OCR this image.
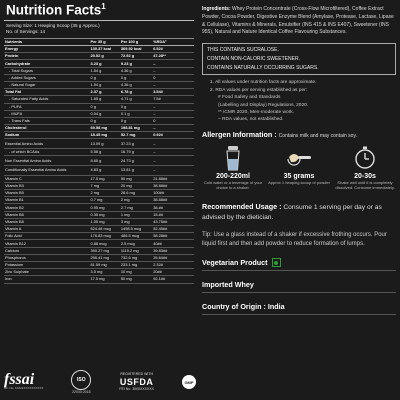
Nutrition Facts$^1$
Serving Size: 1 Heaping Scoop (35 g Approx.)
No. of Servings: 14
Nutrients	Per 35 g	Per 100 g	%RDA²
Energy	130.37 kcal	369.92 kcal	6.52#
Protein	25.52 g	72.92 g	47.28**
Carbohydrate	3.23 g	9.23 g	–
- Total Sugars	1.54 g	4.36 g	–
- Added Sugars	0 g	0 g	0
- Natural Sugar	1.54 g	4.36 g	–
Total Fat	2.37 g	6.78 g	3.54#
- Saturated Fatty Acids	1.65 g	4.71 g	7.5#
- PUFA	0 g	0 g	–
- MUFA	0.04 g	0.1 g	–
- Trans Fats	0 g	0 g	0
Cholesterol	69.58 mg	198.81 mg	–
Sodium	18.45 mg	52.7 mg	0.92#
Essential Amino Acids	13.09 g	37.23 g	–
- of which BCAAs	5.58 g	16.79 g	–
Non Essential Amino Acids	8.65 g	24.73 g	–
Conditionally Essential Amino Acids	4.83 g	13.81 g	–
Vitamin C	17.5 mg	50 mg	21.88##
Vitamin B3	7 mg	20 mg	38.88##
Vitamin B5	2 mg	28.6 mg	100##
Vitamin B1	0.7 mg	2 mg	38.88##
Vitamin B2	0.95 mg	2.7 mg	38.##
Vitamin B6	0.35 mg	1 mg	15.##
Vitamin B8	1.05 mg	3 mg	43.75##
Vitamin A	524.48 mcg	1498.5 mcg	52.45##
Folic Acid	176.83 mcg	486.5 mcg	58.28##
Vitamin B12	0.88 mcg	2.5 mcg	40##
Calcium	390.27 mg	1115.2 mg	39.83##
Phosphorus	256.41 mg	732.6 mg	25.64##
Potassium	81.59 mg	233.1 mg	2.32#
Zinc Sulphate	3.5 mg	10 mg	20##
Iron	17.5 mg	50 mg	92.1##
fssai
Lic. No. 10022XXXXXXXXXX
ISO
22000:2018
REGISTERED WITH
USFDA
FEI No. 3000XXXXXX
GMP
Ingredients: Whey Protein Concentrate (Cross-Flow Microfiltered), Coffee Extract Powder, Cocoa Powder, Digestive Enzyme Blend (Amylase, Protease, Lactase, Lipase & Cellulase), Vitamins & Minerals, Emulsifier (INS 415 & INS E407), Sweetener (INS 955), Natural and Nature Identical Coffee Flavouring Substances.
THIS CONTAINS SUCRALOSE.
CONTAIN NON-CALORIC SWEETENER.
CONTAINS NATURALLY OCCURRING SUGARS.
1. All values under nutrition facts are approximate.
2. RDA values per serving established as per:
# Food Safety and Standards
(Labelling and Display) Regulations, 2020.
** ICMR 2020, Men-moderate work.
– RDA values, not established.
Allergen Information : Contains milk and may contain soy.
200-220ml
Cold water or a beverage of your choice to a shaker.
35 grams
Approx 1 heaping scoop of powder
20-30s
Shake well until it is completely dissolved. Consume immediately.
Recommended Usage : Consume 1 serving per day or as advised by the dietician.
Tip: Use a glass instead of a shaker if excessive frothing occurs. Pour liquid first and then add powder to reduce formation of lumps.
Vegetarian Product
Imported Whey
Country of Origin : India
